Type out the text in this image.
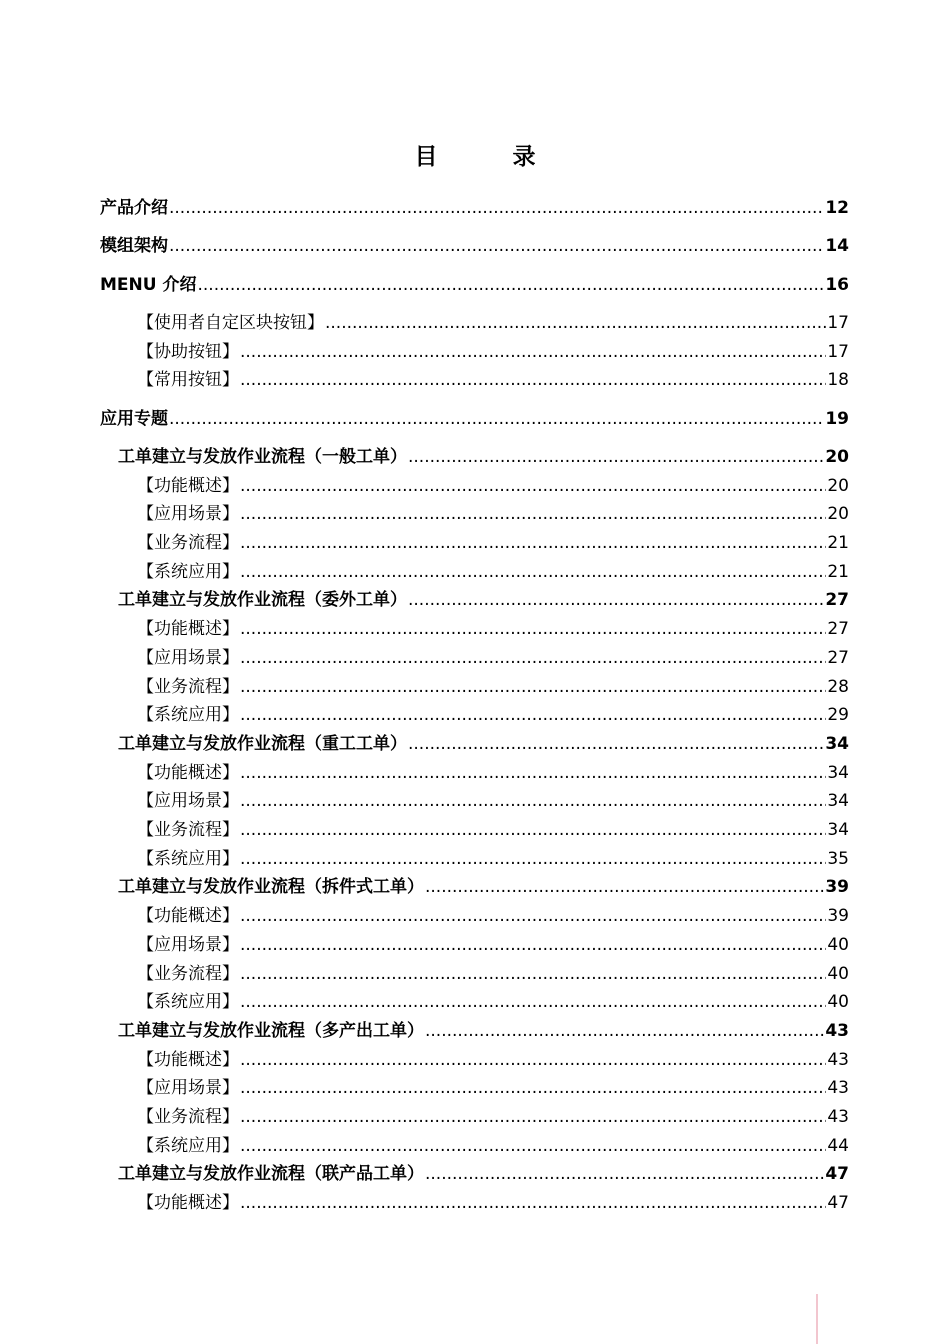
目　录
产品介绍 .....	12
模组架构 .....	14
MENU 介绍 .....	16
【使用者自定区块按钮】 .....	17
【协助按钮】 .....	17
【常用按钮】 .....	18
应用专题 .....	19
工单建立与发放作业流程（一般工单） .....	20
【功能概述】 .....	20
【应用场景】 .....	20
【业务流程】 .....	21
【系统应用】 .....	21
工单建立与发放作业流程（委外工单） .....	27
【功能概述】 .....	27
【应用场景】 .....	27
【业务流程】 .....	28
【系统应用】 .....	29
工单建立与发放作业流程（重工工单） .....	34
【功能概述】 .....	34
【应用场景】 .....	34
【业务流程】 .....	34
【系统应用】 .....	35
工单建立与发放作业流程（拆件式工单） .....	39
【功能概述】 .....	39
【应用场景】 .....	40
【业务流程】 .....	40
【系统应用】 .....	40
工单建立与发放作业流程（多产出工单） .....	43
【功能概述】 .....	43
【应用场景】 .....	43
【业务流程】 .....	43
【系统应用】 .....	44
工单建立与发放作业流程（联产品工单） .....	47
【功能概述】 .....	47
